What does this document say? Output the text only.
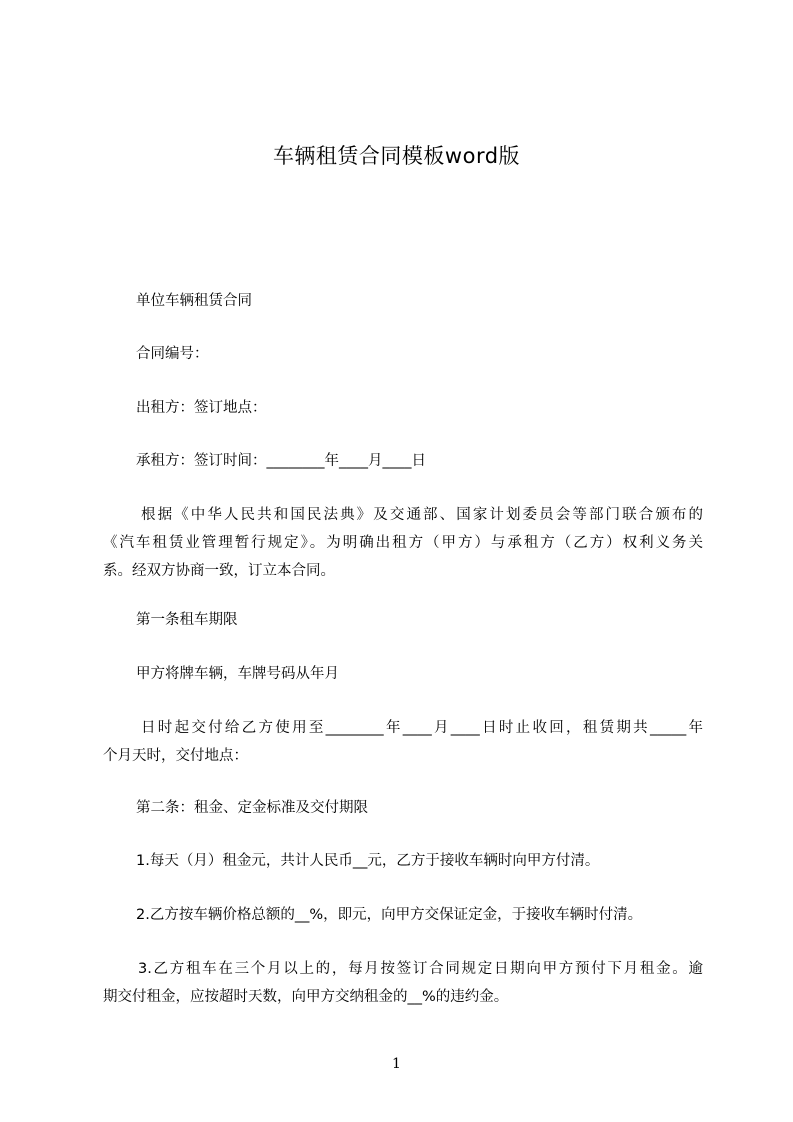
车辆租赁合同模板word版
单位车辆租赁合同
合同编号：
出租方：签订地点：
承租方：签订时间：________年____月____日
根据《中华人民共和国民法典》及交通部、国家计划委员会等部门联合颁布的
《汽车租赁业管理暂行规定》。为明确出租方（甲方）与承租方（乙方）权利义务关
系。经双方协商一致，订立本合同。
第一条租车期限
甲方将牌车辆，车牌号码从年月
日时起交付给乙方使用至________年____月____日时止收回，租赁期共_____年
个月天时，交付地点：
第二条：租金、定金标准及交付期限
1.每天（月）租金元，共计人民币__元，乙方于接收车辆时向甲方付清。
2.乙方按车辆价格总额的__%，即元，向甲方交保证定金，于接收车辆时付清。
3.乙方租车在三个月以上的，每月按签订合同规定日期向甲方预付下月租金。逾
期交付租金，应按超时天数，向甲方交纳租金的__%的违约金。
1
